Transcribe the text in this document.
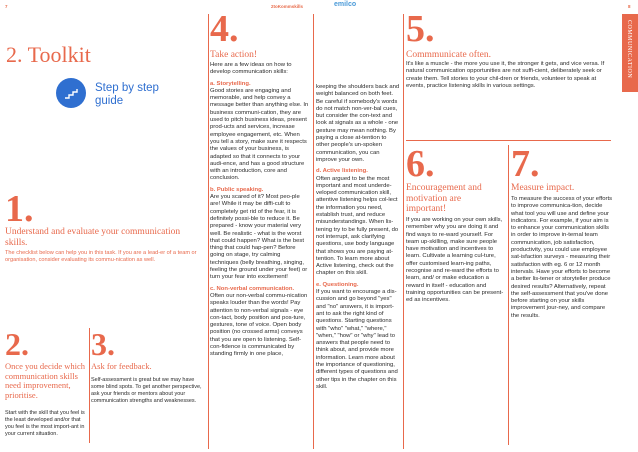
7	2toKommskills	emilco	8
2. Toolkit
Step by step guide
1.
Understand and evaluate your communication skills.
The checklist below can help you in this task. If you are a lead-er of a team or organisation, consider evaluating its commu-nication as well.
2.
Once you decide which communication skills need improvement, prioritise.
Start with the skill that you feel is the least developed and/or that you feel is the most import-ant in your current situation.
3.
Ask for feedback.
Self-assessment is great but we may have some blind spots. To get another perspective, ask your friends or mentors about your communication strengths and weaknesses.
4.
Take action!

Here are a few ideas on how to develop communication skills:

a. Storytelling.

Good stories are engaging and memorable, and help convey a message better than anything else. In business communi-cation, they are used to pitch business ideas, present prod-ucts and services, increase employee engagement, etc. When you tell a story, make sure it respects the values of your business, is adapted so that it connects to your audi-ence, and has a good structure with an introduction, core and conclusion.

b. Public speaking.

Are you scared of it? Most peo-ple are! While it may be diffi-cult to completely get rid of the fear, it is definitely possi-ble to reduce it. Be prepared - know your material very well. Be realistic - what is the worst that could happen? What is the best thing that could hap-pen? Before going on stage, try calming techniques (belly breathing, singing, feeling the ground under your feet) or turn your fear into excitement!

c. Non-verbal communication.

Often our non-verbal commu-nication speaks louder than the words! Pay attention to non-verbal signals - eye con-tact, body position and pos-ture, gestures, tone of voice. Open body position (no crossed arms) conveys that you are open to listening. Self-con-fidence is communicated by standing firmly in one place,

keeping the shoulders back and weight balanced on both feet. Be careful if somebody's words do not match non-ver-bal cues, but consider the con-text and look at signals as a whole - one gesture may mean nothing. By paying a close at-tention to other people's un-spoken communication, you can improve your own.

d. Active listening.

Often argued to be the most important and most underde-veloped communication skill, attentive listening helps col-lect the information you need, establish trust, and reduce misunderstandings. When lis-tening try to be fully present, do not interrupt, ask clarifying questions, use body language that shows you are paying at-tention. To learn more about Active listening, check out the chapter on this skill.

e. Questioning.

If you want to encourage a dis-cussion and go beyond "yes" and "no" answers, it is import-ant to ask the right kind of questions. Starting questions with "who" "what," "where," "when," "how" or "why" lead to answers that people need to think about, and provide more information. Learn more about the importance of questioning, different types of questions and other tips in the chapter on this skill.

5.
Commmunicate often.
It's like a muscle - the more you use it, the stronger it gets, and vice versa. If natural communication opportunities are not suffi-cient, deliberately seek or create them. Tell stories to your chil-dren or friends, volunteer to speak at events, practice listening skills in various settings.
6.
Encouragement and motivation are important!
If you are working on your own skills, remember why you are doing it and find ways to re-ward yourself. For team up-skilling, make sure people have motivation and incentives to learn. Cultivate a learning cul-ture, offer customised learn-ing paths, recognise and re-ward the efforts to learn, and/ or make education a reward in itself - education and training opportunities can be present-ed as incentives.
7.
Measure impact.
To measure the success of your efforts to improve communica-tion, decide what tool you will use and define your indicators. For example, if your aim is to enhance your communication skills in order to improve in-ternal team communication, job satisfaction, productivity, you could use employee sat-isfaction surveys - measuring their satisfaction with eg. 6 or 12 month intervals. Have your efforts to become a better lis-tener or storyteller produce desired results? Alternatively, repeat the self-assessment that you've done before starting on your skills improvement jour-ney, and compare the results.
COMMUNICATION
